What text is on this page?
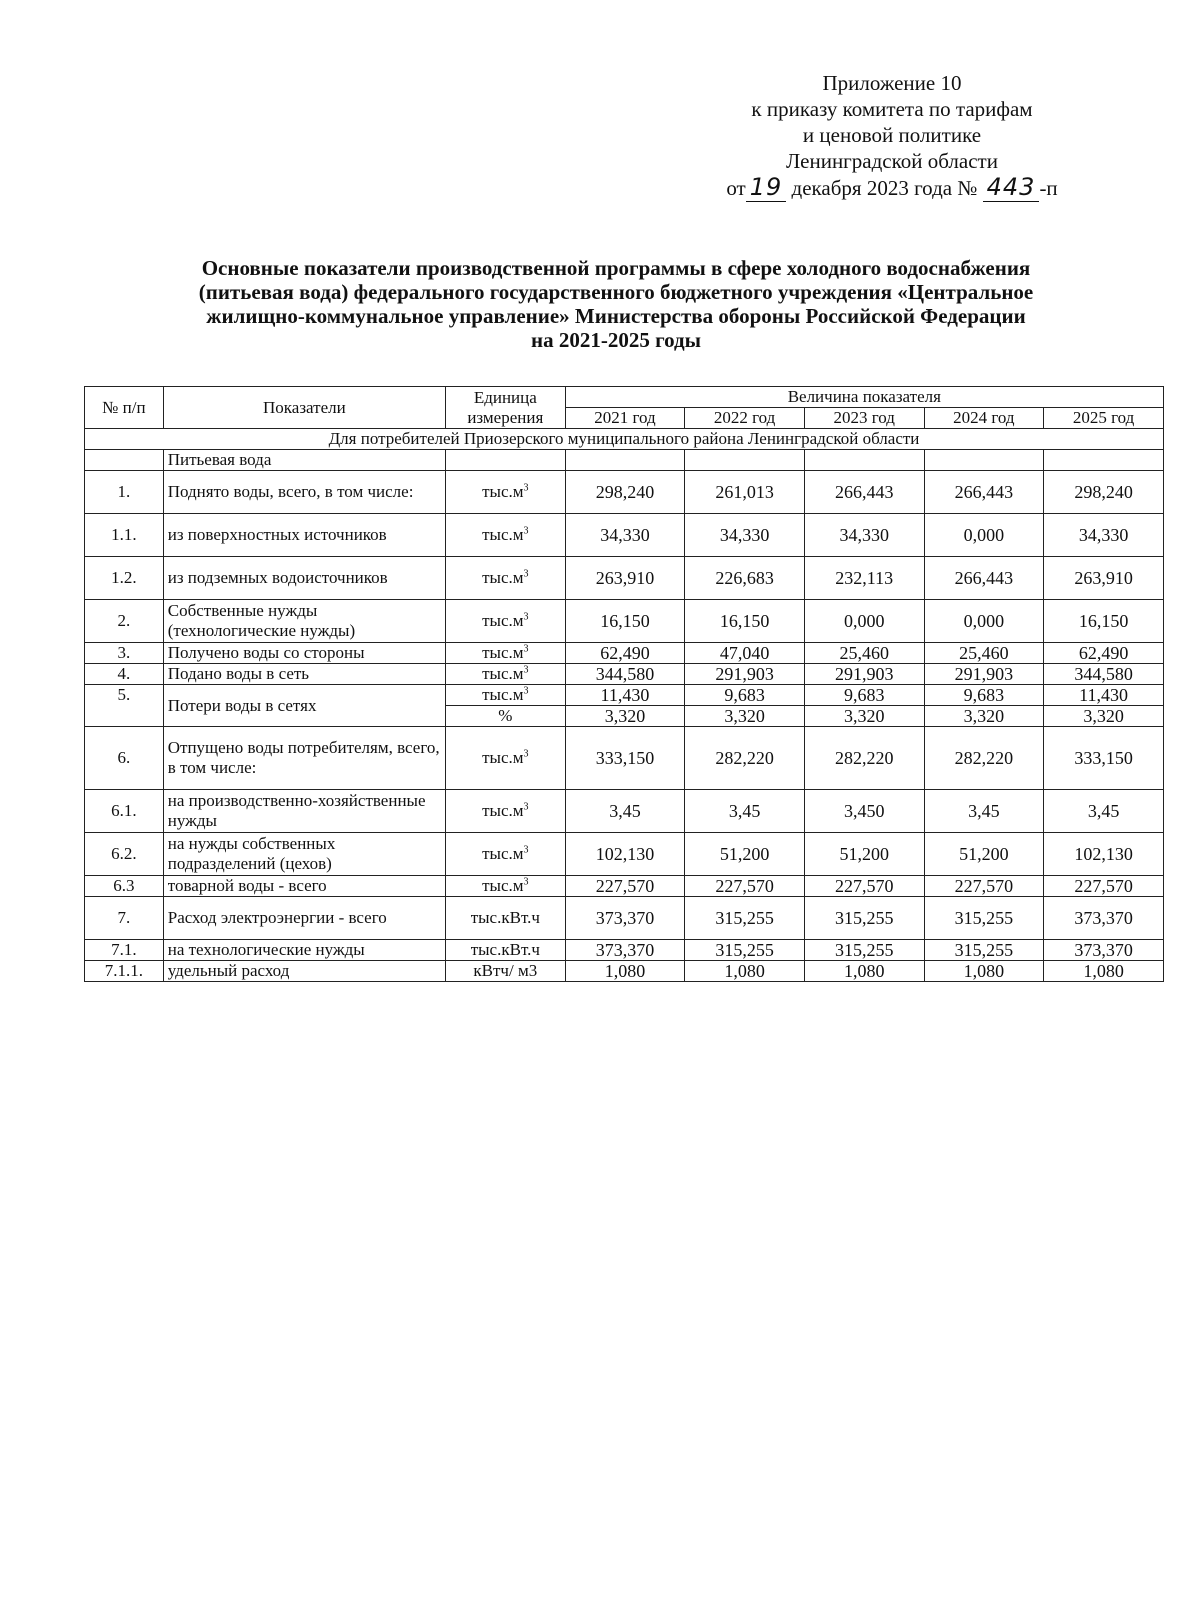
Приложение 10
к приказу комитета по тарифам
и ценовой политике
Ленинградской области
от 19 декабря 2023 года № 443 -п
Основные показатели производственной программы в сфере холодного водоснабжения
(питьевая вода) федерального государственного бюджетного учреждения «Центральное
жилищно-коммунальное управление» Министерства обороны Российской Федерации
на 2021-2025 годы
№ п/п	Показатели	Единица
измерения	Величина показателя				
			2021 год	2022 год	2023 год	2024 год	2025 год
Для потребителей Приозерского муниципального района Ленинградской области							
	Питьевая вода						
1.	Поднято воды, всего, в том числе:	$тыс.м^3$	298,240	261,013	266,443	266,443	298,240
1.1.	из поверхностных источников	$тыс.м^3$	34,330	34,330	34,330	0,000	34,330
1.2.	из подземных водоисточников	$тыс.м^3$	263,910	226,683	232,113	266,443	263,910
2.	Собственные нужды (технологические нужды)	$тыс.м^3$	16,150	16,150	0,000	0,000	16,150
3.	Получено воды со стороны	$тыс.м^3$	62,490	47,040	25,460	25,460	62,490
4.	Подано воды в сеть	$тыс.м^3$	344,580	291,903	291,903	291,903	344,580
5.	Потери воды в сетях	$тыс.м^3$	11,430	9,683	9,683	9,683	11,430
		%	3,320	3,320	3,320	3,320	3,320
6.	Отпущено воды потребителям, всего, в том числе:	$тыс.м^3$	333,150	282,220	282,220	282,220	333,150
6.1.	на производственно-хозяйственные нужды	$тыс.м^3$	3,45	3,45	3,450	3,45	3,45
6.2.	на нужды собственных подразделений (цехов)	$тыс.м^3$	102,130	51,200	51,200	51,200	102,130
6.3	товарной воды - всего	$тыс.м^3$	227,570	227,570	227,570	227,570	227,570
7.	Расход электроэнергии - всего	тыс.кВт.ч	373,370	315,255	315,255	315,255	373,370
7.1.	на технологические нужды	тыс.кВт.ч	373,370	315,255	315,255	315,255	373,370
7.1.1.	удельный расход	кВтч/ м3	1,080	1,080	1,080	1,080	1,080
